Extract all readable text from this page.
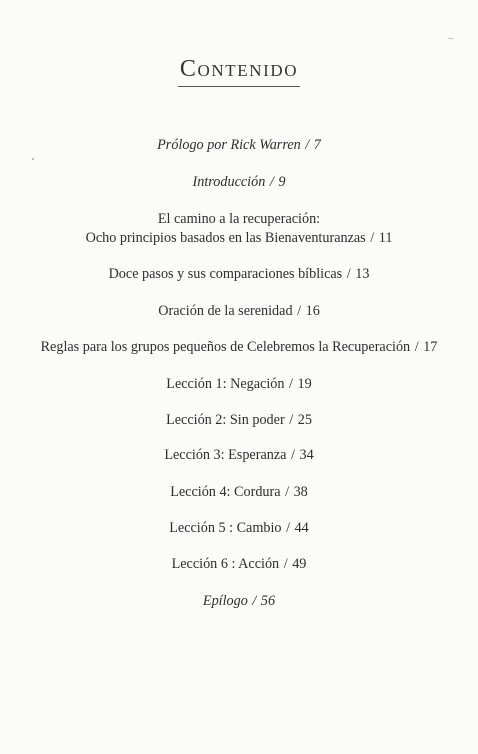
Contenido
Prólogo por Rick Warren / 7
Introducción / 9
El camino a la recuperación:
Ocho principios basados en las Bienaventuranzas / 11
Doce pasos y sus comparaciones bíblicas / 13
Oración de la serenidad / 16
Reglas para los grupos pequeños de Celebremos la Recuperación / 17
Lección 1: Negación / 19
Lección 2: Sin poder / 25
Lección 3: Esperanza / 34
Lección 4: Cordura / 38
Lección 5 : Cambio / 44
Lección 6 : Acción / 49
Epílogo / 56
